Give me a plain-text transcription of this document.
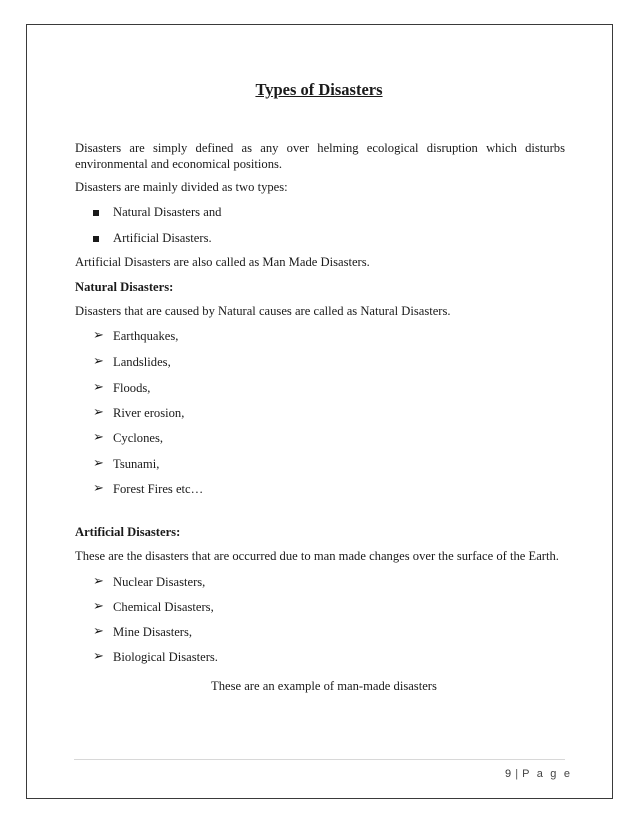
Types of Disasters
Disasters are simply defined as any over helming ecological disruption which disturbs
environmental and economical positions.
Disasters are mainly divided as two types:
Natural Disasters and
Artificial Disasters.
Artificial Disasters are also called as Man Made Disasters.
Natural Disasters:
Disasters that are caused by Natural causes are called as Natural Disasters.
➢ Earthquakes,
➢ Landslides,
➢ Floods,
➢ River erosion,
➢ Cyclones,
➢ Tsunami,
➢ Forest Fires etc…
Artificial Disasters:
These are the disasters that are occurred due to man made changes over the surface of the Earth.
➢ Nuclear Disasters,
➢ Chemical Disasters,
➢ Mine Disasters,
➢ Biological Disasters.
These are an example of man-made disasters
9 | P a g e
